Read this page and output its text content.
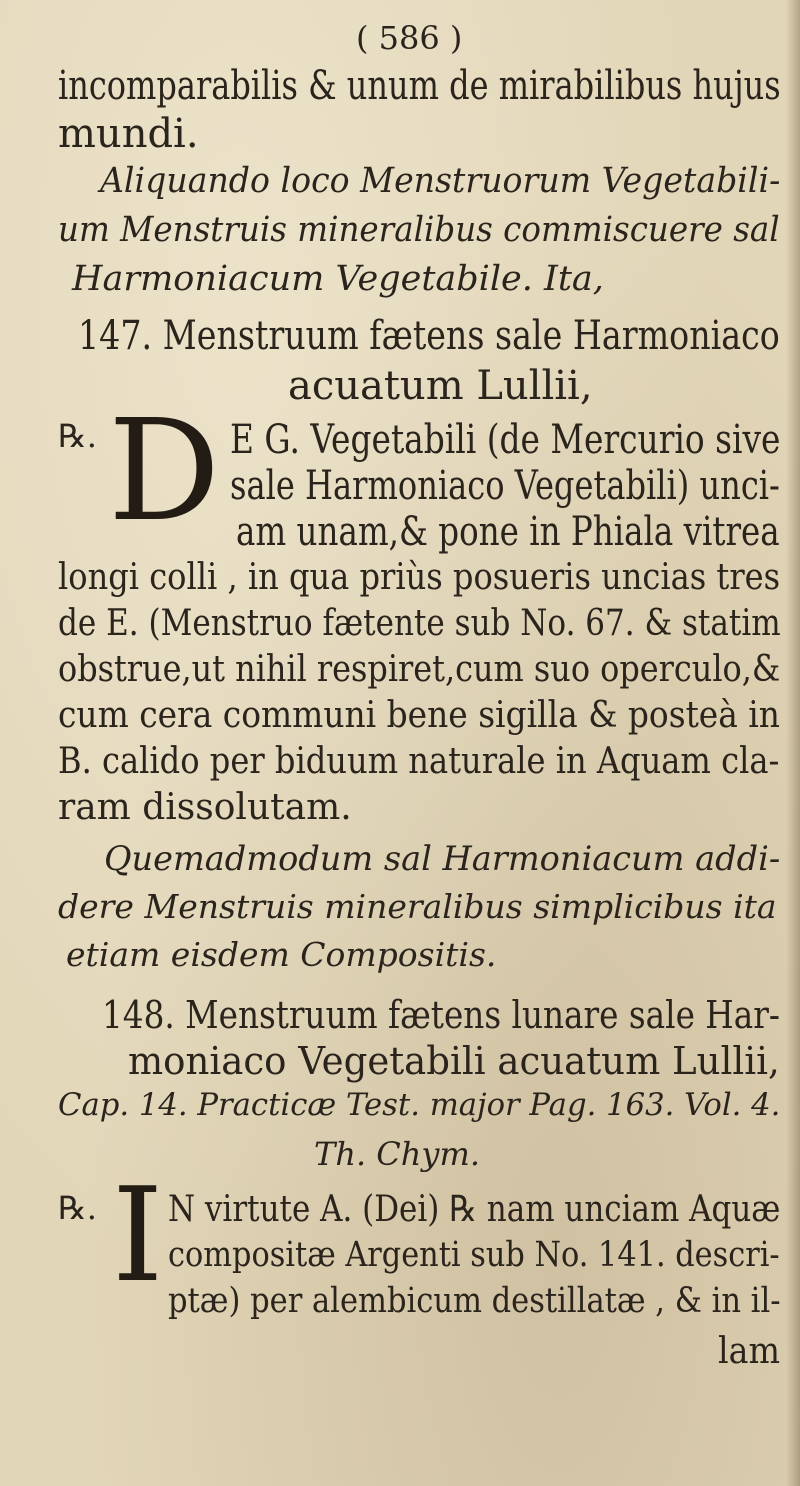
( 586 )
incomparabilis & unum de mirabilibus hujus
mundi.
Aliquando loco Menstruorum Vegetabili-
um Menstruis mineralibus commiscuere sal
Harmoniacum Vegetabile. Ita,
147. Menstruum fætens sale Harmoniaco
acuatum Lullii,
℞. D E G. Vegetabili (de Mercurio sive
sale Harmoniaco Vegetabili) unci-
am unam,& pone in Phiala vitrea
longi colli , in qua priùs posueris uncias tres
de E. (Menstruo fætente sub No. 67. & statim
obstrue,ut nihil respiret,cum suo operculo,&
cum cera communi bene sigilla & posteà in
B. calido per biduum naturale in Aquam cla-
ram dissolutam.
Quemadmodum sal Harmoniacum addi-
dere Menstruis mineralibus simplicibus ita
etiam eisdem Compositis.
148. Menstruum fætens lunare sale Har-
moniaco Vegetabili acuatum Lullii,
Cap. 14. Practicæ Test. major Pag. 163. Vol. 4.
Th. Chym.
℞. I N virtute A. (Dei) ℞ nam unciam Aquæ
compositæ Argenti sub No. 141. descri-
ptæ) per alembicum destillatæ , & in il-
lam
